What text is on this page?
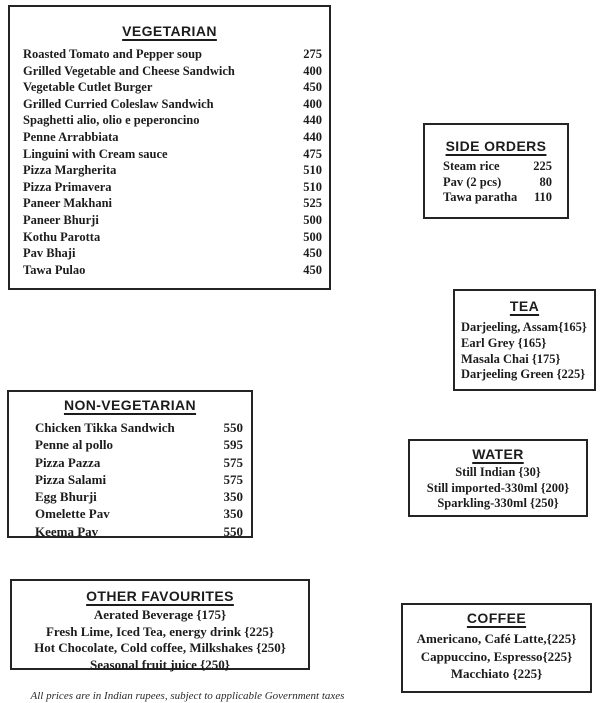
VEGETARIAN
Roasted Tomato and Pepper soup	275
Grilled Vegetable and Cheese Sandwich	400
Vegetable Cutlet Burger	450
Grilled Curried Coleslaw Sandwich	400
Spaghetti alio, olio e peperoncino	440
Penne Arrabbiata	440
Linguini with Cream sauce	475
Pizza Margherita	510
Pizza Primavera	510
Paneer Makhani	525
Paneer Bhurji	500
Kothu Parotta	500
Pav Bhaji	450
Tawa Pulao	450
SIDE ORDERS
Steam rice	225
Pav (2 pcs)	80
Tawa paratha 110
TEA
Darjeeling, Assam{165}
Earl Grey {165}
Masala Chai {175}
Darjeeling Green {225}
NON-VEGETARIAN
Chicken Tikka Sandwich	550
Penne al pollo	595
Pizza Pazza	575
Pizza Salami	575
Egg Bhurji	350
Omelette Pav	350
Keema Pav	550
WATER
Still Indian {30}
Still imported-330ml {200}
Sparkling-330ml {250}
OTHER FAVOURITES
Aerated Beverage {175}
Fresh Lime, Iced Tea, energy drink {225}
Hot Chocolate, Cold coffee, Milkshakes {250}
Seasonal fruit juice {250}
COFFEE
Americano, Café Latte,{225}
Cappuccino, Espresso{225}
Macchiato {225}
All prices are in Indian rupees, subject to applicable Government taxes
